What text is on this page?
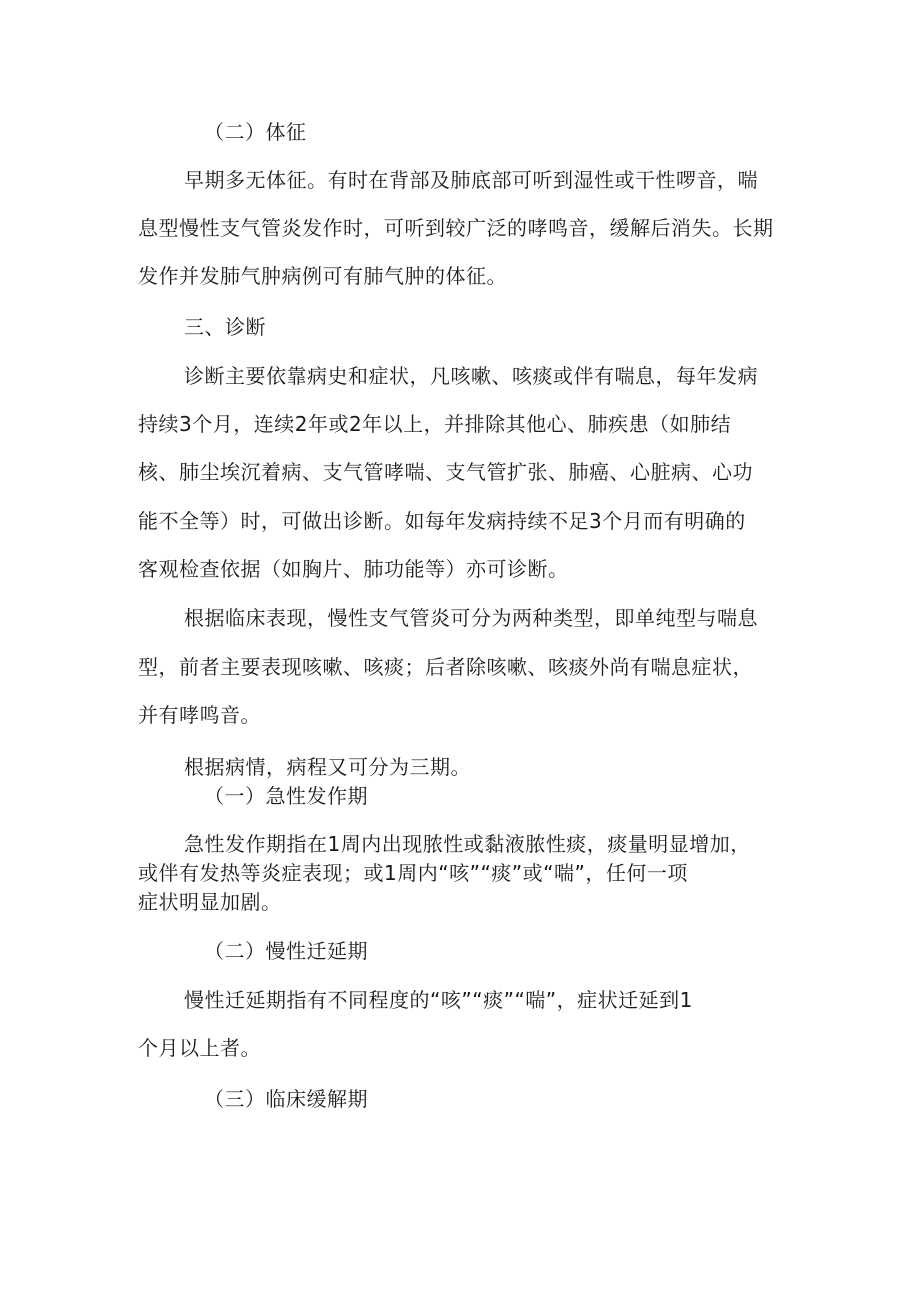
（二）体征
早期多无体征。有时在背部及肺底部可听到湿性或干性啰音，喘
息型慢性支气管炎发作时，可听到较广泛的哮鸣音，缓解后消失。长期
发作并发肺气肿病例可有肺气肿的体征。
三、诊断
诊断主要依靠病史和症状，凡咳嗽、咳痰或伴有喘息，每年发病
持续3个月，连续2年或2年以上，并排除其他心、肺疾患（如肺结
核、肺尘埃沉着病、支气管哮喘、支气管扩张、肺癌、心脏病、心功
能不全等）时，可做出诊断。如每年发病持续不足3个月而有明确的
客观检查依据（如胸片、肺功能等）亦可诊断。
根据临床表现，慢性支气管炎可分为两种类型，即单纯型与喘息
型，前者主要表现咳嗽、咳痰；后者除咳嗽、咳痰外尚有喘息症状，
并有哮鸣音。
根据病情，病程又可分为三期。
（一）急性发作期
急性发作期指在1周内出现脓性或黏液脓性痰，痰量明显增加，
或伴有发热等炎症表现；或1周内“咳”“痰”或“喘”，任何一项
症状明显加剧。
（二）慢性迁延期
慢性迁延期指有不同程度的“咳”“痰”“喘”，症状迁延到1
个月以上者。
（三）临床缓解期
